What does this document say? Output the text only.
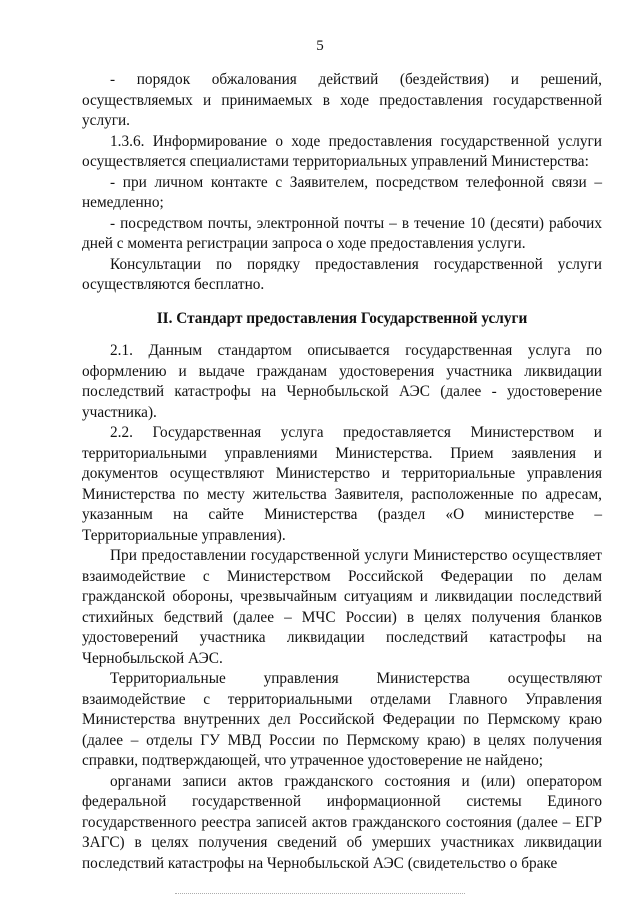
5

- порядок обжалования действий (бездействия) и решений, осуществляемых и принимаемых в ходе предоставления государственной услуги.

1.3.6. Информирование о ходе предоставления государственной услуги осуществляется специалистами территориальных управлений Министерства:

- при личном контакте с Заявителем, посредством телефонной связи – немедленно;

- посредством почты, электронной почты – в течение 10 (десяти) рабочих дней с момента регистрации запроса о ходе предоставления услуги.

Консультации по порядку предоставления государственной услуги осуществляются бесплатно.

II. Стандарт предоставления Государственной услуги

2.1. Данным стандартом описывается государственная услуга по оформлению и выдаче гражданам удостоверения участника ликвидации последствий катастрофы на Чернобыльской АЭС (далее - удостоверение участника).

2.2. Государственная услуга предоставляется Министерством и территориальными управлениями Министерства. Прием заявления и документов осуществляют Министерство и территориальные управления Министерства по месту жительства Заявителя, расположенные по адресам, указанным на сайте Министерства (раздел «О министерстве – Территориальные управления).

При предоставлении государственной услуги Министерство осуществляет взаимодействие с Министерством Российской Федерации по делам гражданской обороны, чрезвычайным ситуациям и ликвидации последствий стихийных бедствий (далее – МЧС России) в целях получения бланков удостоверений участника ликвидации последствий катастрофы на Чернобыльской АЭС.

Территориальные управления Министерства осуществляют взаимодействие с территориальными отделами Главного Управления Министерства внутренних дел Российской Федерации по Пермскому краю (далее – отделы ГУ МВД России по Пермскому краю) в целях получения справки, подтверждающей, что утраченное удостоверение не найдено;

органами записи актов гражданского состояния и (или) оператором федеральной государственной информационной системы Единого государственного реестра записей актов гражданского состояния (далее – ЕГР ЗАГС) в целях получения сведений об умерших участниках ликвидации последствий катастрофы на Чернобыльской АЭС (свидетельство о браке
